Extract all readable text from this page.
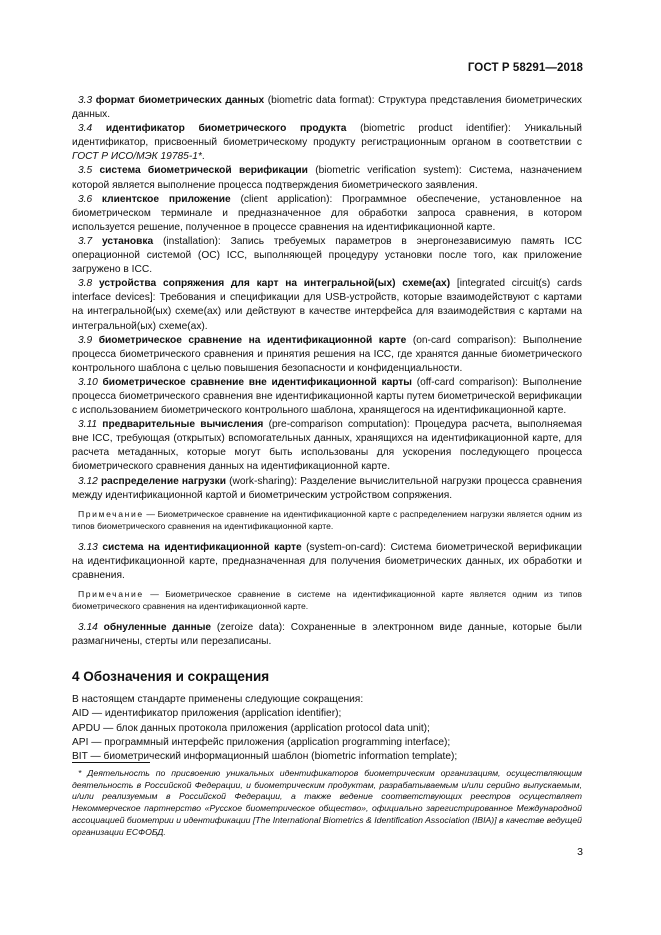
ГОСТ Р 58291—2018

3.3 формат биометрических данных (biometric data format): Структура представления биометрических данных.

3.4 идентификатор биометрического продукта (biometric product identifier): Уникальный идентификатор, присвоенный биометрическому продукту регистрационным органом в соответствии с ГОСТ Р ИСО/МЭК 19785-1*.

3.5 система биометрической верификации (biometric verification system): Система, назначением которой является выполнение процесса подтверждения биометрического заявления.

3.6 клиентское приложение (client application): Программное обеспечение, установленное на биометрическом терминале и предназначенное для обработки запроса сравнения, в котором используется решение, полученное в процессе сравнения на идентификационной карте.

3.7 установка (installation): Запись требуемых параметров в энергонезависимую память ICC операционной системой (ОС) ICC, выполняющей процедуру установки после того, как приложение загружено в ICC.

3.8 устройства сопряжения для карт на интегральной(ых) схеме(ах) [integrated circuit(s) cards interface devices]: Требования и спецификации для USB-устройств, которые взаимодействуют с картами на интегральной(ых) схеме(ах) или действуют в качестве интерфейса для взаимодействия с картами на интегральной(ых) схеме(ах).

3.9 биометрическое сравнение на идентификационной карте (on-card comparison): Выполнение процесса биометрического сравнения и принятия решения на ICC, где хранятся данные биометрического контрольного шаблона с целью повышения безопасности и конфиденциальности.

3.10 биометрическое сравнение вне идентификационной карты (off-card comparison): Выполнение процесса биометрического сравнения вне идентификационной карты путем биометрической верификации с использованием биометрического контрольного шаблона, хранящегося на идентификационной карте.

3.11 предварительные вычисления (pre-comparison computation): Процедура расчета, выполняемая вне ICC, требующая (открытых) вспомогательных данных, хранящихся на идентификационной карте, для расчета метаданных, которые могут быть использованы для ускорения последующего процесса биометрического сравнения данных на идентификационной карте.

3.12 распределение нагрузки (work-sharing): Разделение вычислительной нагрузки процесса сравнения между идентификационной картой и биометрическим устройством сопряжения.

Примечание — Биометрическое сравнение на идентификационной карте с распределением нагрузки является одним из типов биометрического сравнения на идентификационной карте.

3.13 система на идентификационной карте (system-on-card): Система биометрической верификации на идентификационной карте, предназначенная для получения биометрических данных, их обработки и сравнения.

Примечание — Биометрическое сравнение в системе на идентификационной карте является одним из типов биометрического сравнения на идентификационной карте.

3.14 обнуленные данные (zeroize data): Сохраненные в электронном виде данные, которые были размагничены, стерты или перезаписаны.

4 Обозначения и сокращения

В настоящем стандарте применены следующие сокращения:

AID — идентификатор приложения (application identifier);

APDU — блок данных протокола приложения (application protocol data unit);

API — программный интерфейс приложения (application programming interface);

BIT — биометрический информационный шаблон (biometric information template);

* Деятельность по присвоению уникальных идентификаторов биометрическим организациям, осуществляющим деятельность в Российской Федерации, и биометрическим продуктам, разрабатываемым и/или серийно выпускаемым, и/или реализуемым в Российской Федерации, а также ведение соответствующих реестров осуществляет Некоммерческое партнерство «Русское биометрическое общество», официально зарегистрированное Международной ассоциацией биометрии и идентификации [The International Biometrics & Identification Association (IBIA)] в качестве ведущей организации ЕСФОБД.

3
